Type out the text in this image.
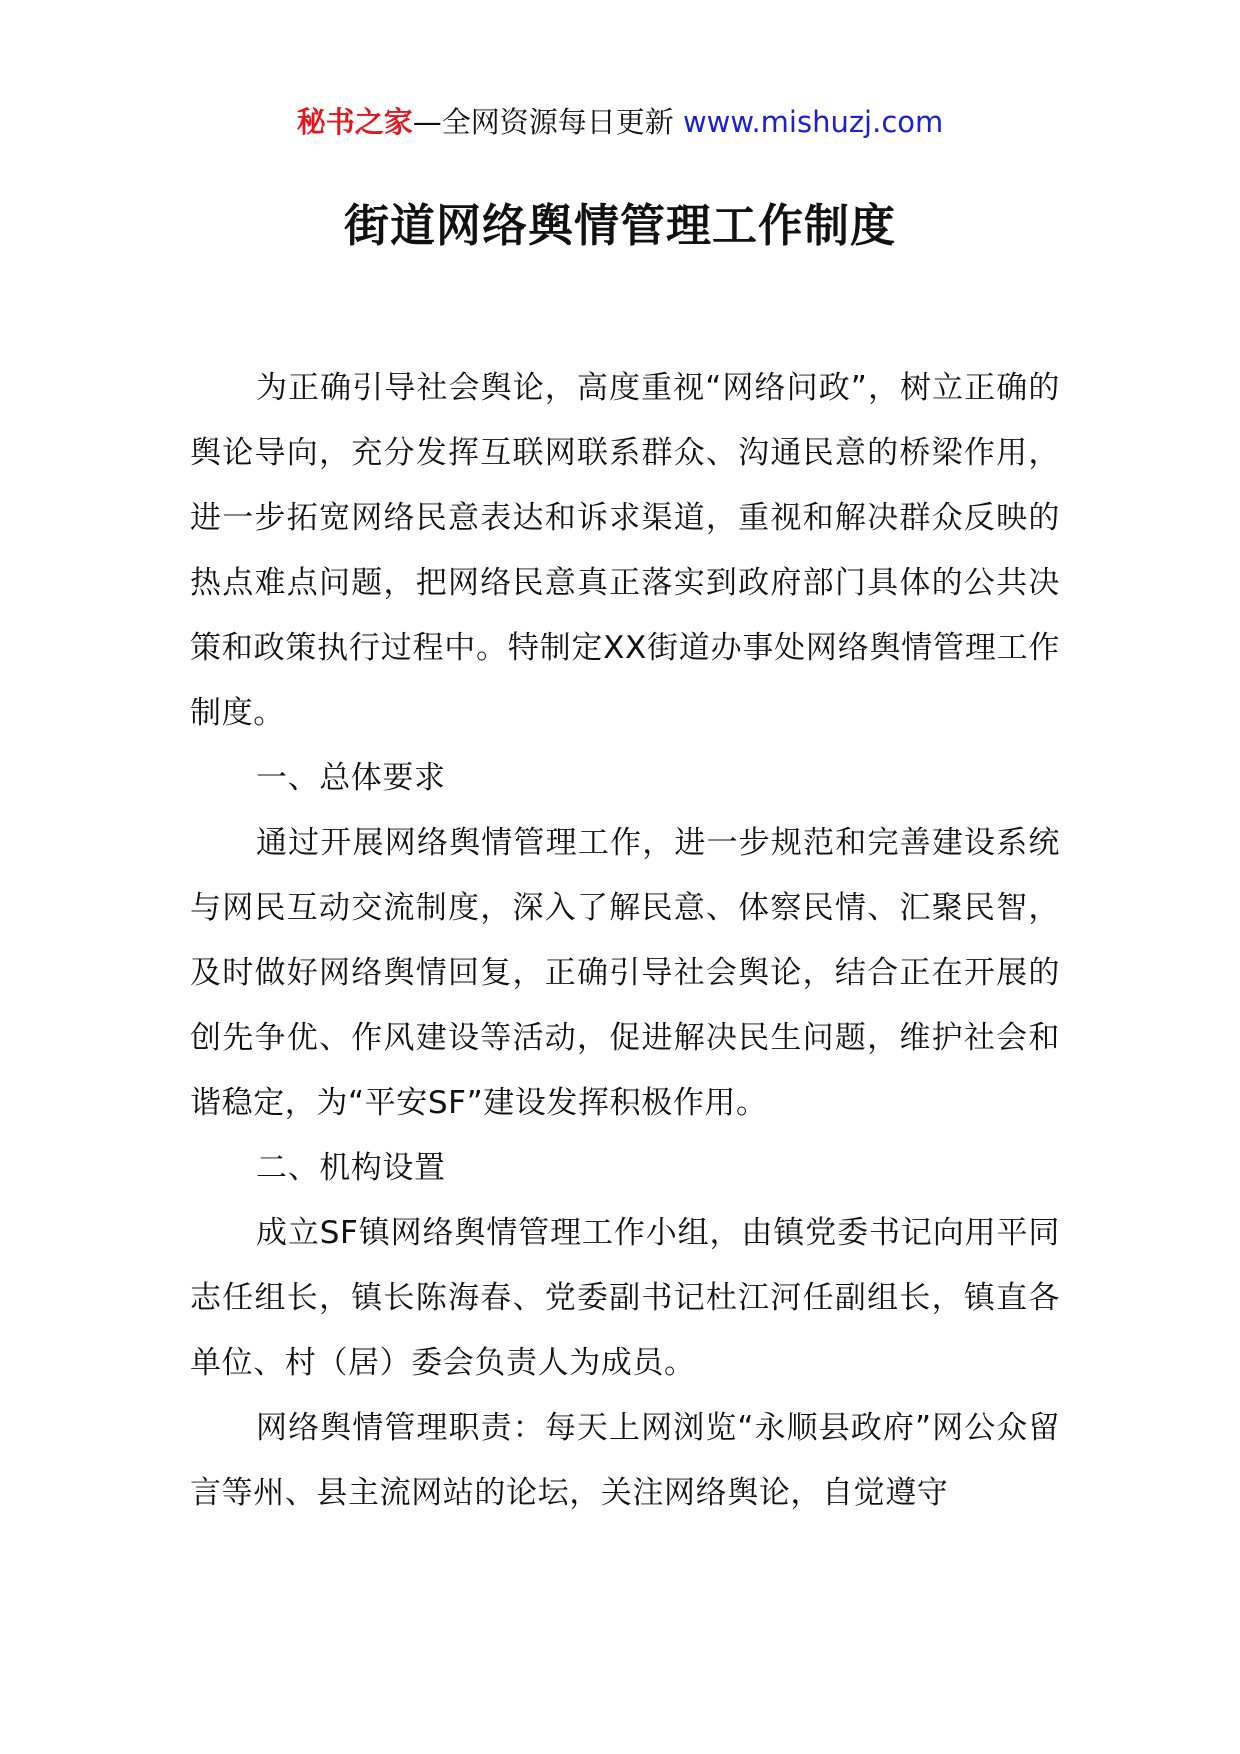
秘书之家—全网资源每日更新 www.mishuzj.com
街道网络舆情管理工作制度

为正确引导社会舆论，高度重视“网络问政”，树立正确的舆论导向，充分发挥互联网联系群众、沟通民意的桥梁作用，进一步拓宽网络民意表达和诉求渠道，重视和解决群众反映的热点难点问题，把网络民意真正落实到政府部门具体的公共决策和政策执行过程中。特制定XX街道办事处网络舆情管理工作制度。

一、总体要求

通过开展网络舆情管理工作，进一步规范和完善建设系统与网民互动交流制度，深入了解民意、体察民情、汇聚民智，及时做好网络舆情回复，正确引导社会舆论，结合正在开展的创先争优、作风建设等活动，促进解决民生问题，维护社会和谐稳定，为“平安SF”建设发挥积极作用。

二、机构设置

成立SF镇网络舆情管理工作小组，由镇党委书记向用平同志任组长，镇长陈海春、党委副书记杜江河任副组长，镇直各单位、村（居）委会负责人为成员。

网络舆情管理职责：每天上网浏览“永顺县政府”网公众留言等州、县主流网站的论坛，关注网络舆论，自觉遵守
